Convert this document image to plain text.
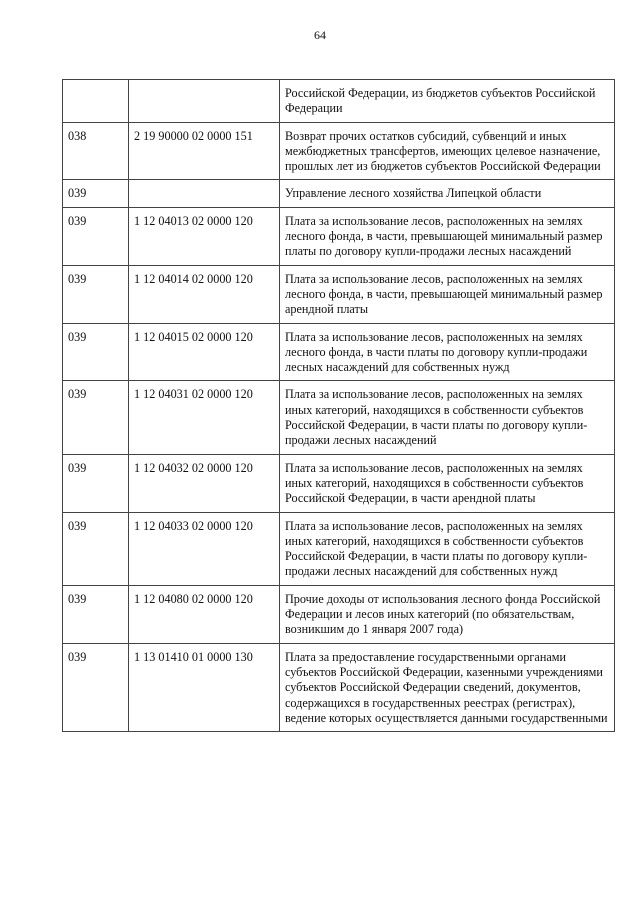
64
		Российской Федерации, из бюджетов субъектов Российской Федерации
038	2 19 90000 02 0000 151	Возврат прочих остатков субсидий, субвенций и иных межбюджетных трансфертов, имеющих целевое назначение, прошлых лет из бюджетов субъектов Российской Федерации
039		Управление лесного хозяйства Липецкой области
039	1 12 04013 02 0000 120	Плата за использование лесов, расположенных на землях лесного фонда, в части, превышающей минимальный размер платы по договору купли-продажи лесных насаждений
039	1 12 04014 02 0000 120	Плата за использование лесов, расположенных на землях лесного фонда, в части, превышающей минимальный размер арендной платы
039	1 12 04015 02 0000 120	Плата за использование лесов, расположенных на землях лесного фонда, в части платы по договору купли-продажи лесных насаждений для собственных нужд
039	1 12 04031 02 0000 120	Плата за использование лесов, расположенных на землях иных категорий, находящихся в собственности субъектов Российской Федерации, в части платы по договору купли-продажи лесных насаждений
039	1 12 04032 02 0000 120	Плата за использование лесов, расположенных на землях иных категорий, находящихся в собственности субъектов Российской Федерации, в части арендной платы
039	1 12 04033 02 0000 120	Плата за использование лесов, расположенных на землях иных категорий, находящихся в собственности субъектов Российской Федерации, в части платы по договору купли-продажи лесных насаждений для собственных нужд
039	1 12 04080 02 0000 120	Прочие доходы от использования лесного фонда Российской Федерации и лесов иных категорий (по обязательствам, возникшим до 1 января 2007 года)
039	1 13 01410 01 0000 130	Плата за предоставление государственными органами субъектов Российской Федерации, казенными учреждениями субъектов Российской Федерации сведений, документов, содержащихся в государственных реестрах (регистрах), ведение которых осуществляется данными государственными
